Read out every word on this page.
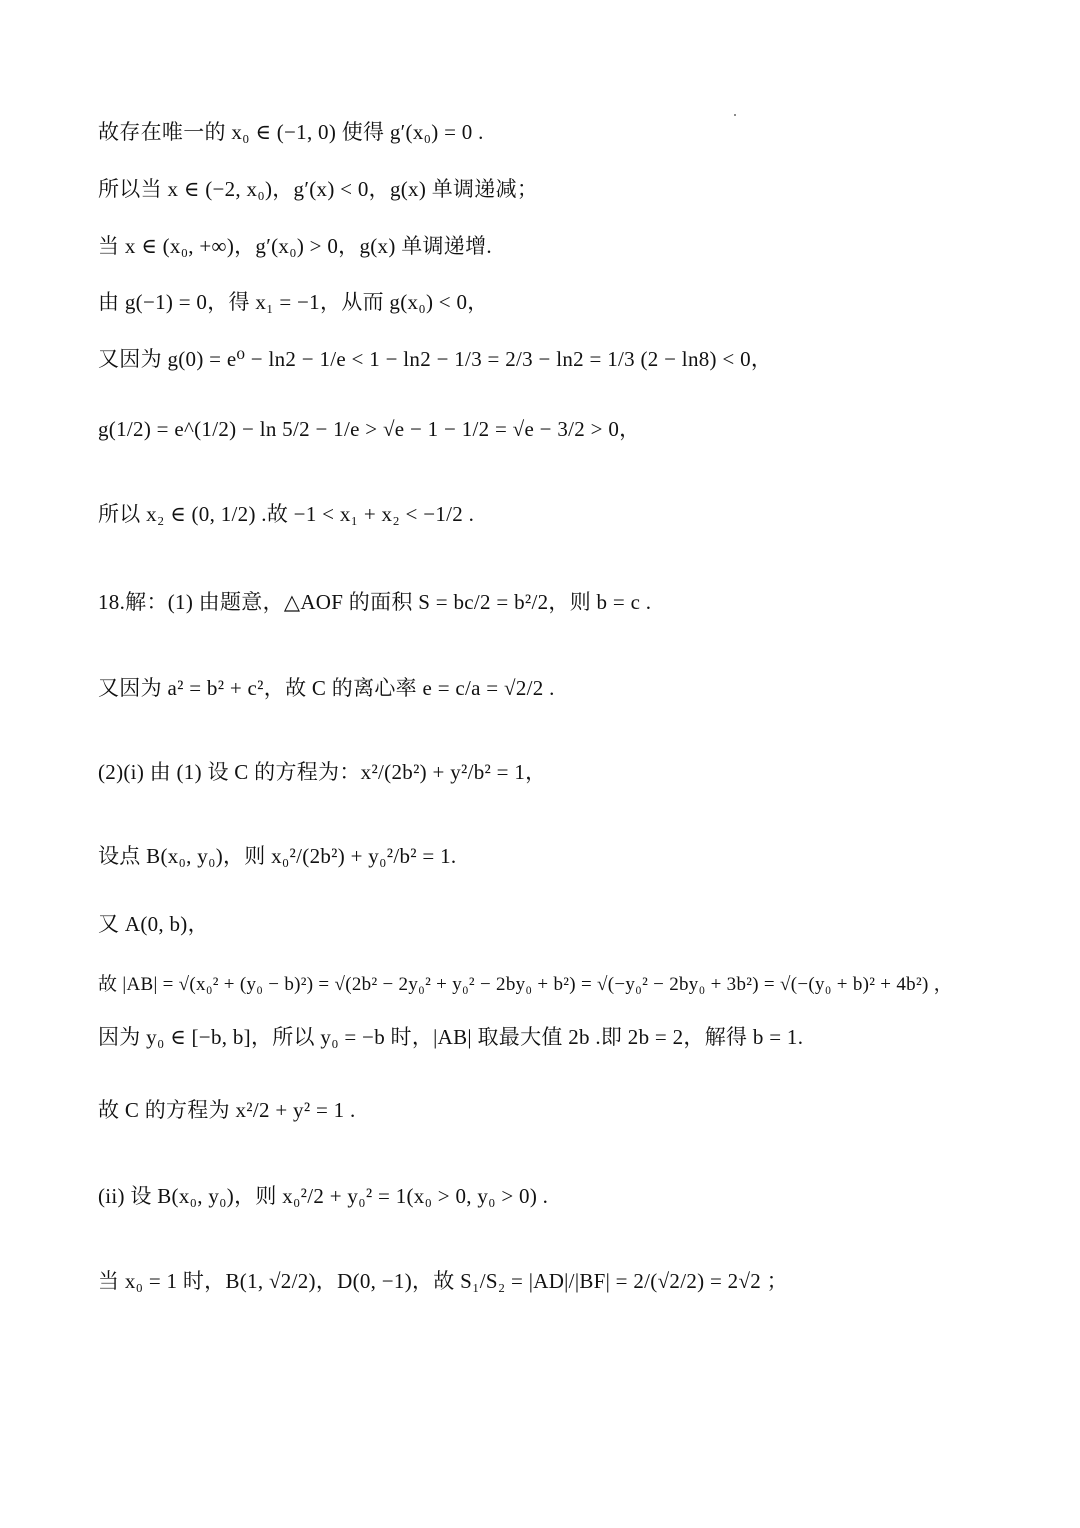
故存在唯一的 x₀ ∈ (−1, 0) 使得 g′(x₀) = 0 .
所以当 x ∈ (−2, x₀)，g′(x) < 0，g(x) 单调递减；
当 x ∈ (x₀, +∞)，g′(x₀) > 0，g(x) 单调递增.
由 g(−1) = 0，得 x₁ = −1，从而 g(x₀) < 0，
又因为 g(0) = e⁰ − ln2 − 1/e < 1 − ln2 − 1/3 = 2/3 − ln2 = 1/3 (2 − ln8) < 0，
g(1/2) = e^(1/2) − ln 5/2 − 1/e > √e − 1 − 1/2 = √e − 3/2 > 0，
所以 x₂ ∈ (0, 1/2) .故 −1 < x₁ + x₂ < −1/2 .
18.解：(1) 由题意，△AOF 的面积 S = bc/2 = b²/2，则 b = c .
又因为 a² = b² + c²，故 C 的离心率 e = c/a = √2/2 .
(2)(i) 由 (1) 设 C 的方程为：x²/(2b²) + y²/b² = 1，
设点 B(x₀, y₀)，则 x₀²/(2b²) + y₀²/b² = 1.
又 A(0, b)，
故 |AB| = √(x₀² + (y₀ − b)²) = √(2b² − 2y₀² + y₀² − 2by₀ + b²) = √(−y₀² − 2by₀ + 3b²) = √(−(y₀ + b)² + 4b²) ，
因为 y₀ ∈ [−b, b]，所以 y₀ = −b 时，|AB| 取最大值 2b .即 2b = 2，解得 b = 1.
故 C 的方程为 x²/2 + y² = 1 .
(ii) 设 B(x₀, y₀)，则 x₀²/2 + y₀² = 1(x₀ > 0, y₀ > 0) .
当 x₀ = 1 时，B(1, √2/2)，D(0, −1)，故 S₁/S₂ = |AD|/|BF| = 2/(√2/2) = 2√2 ；
